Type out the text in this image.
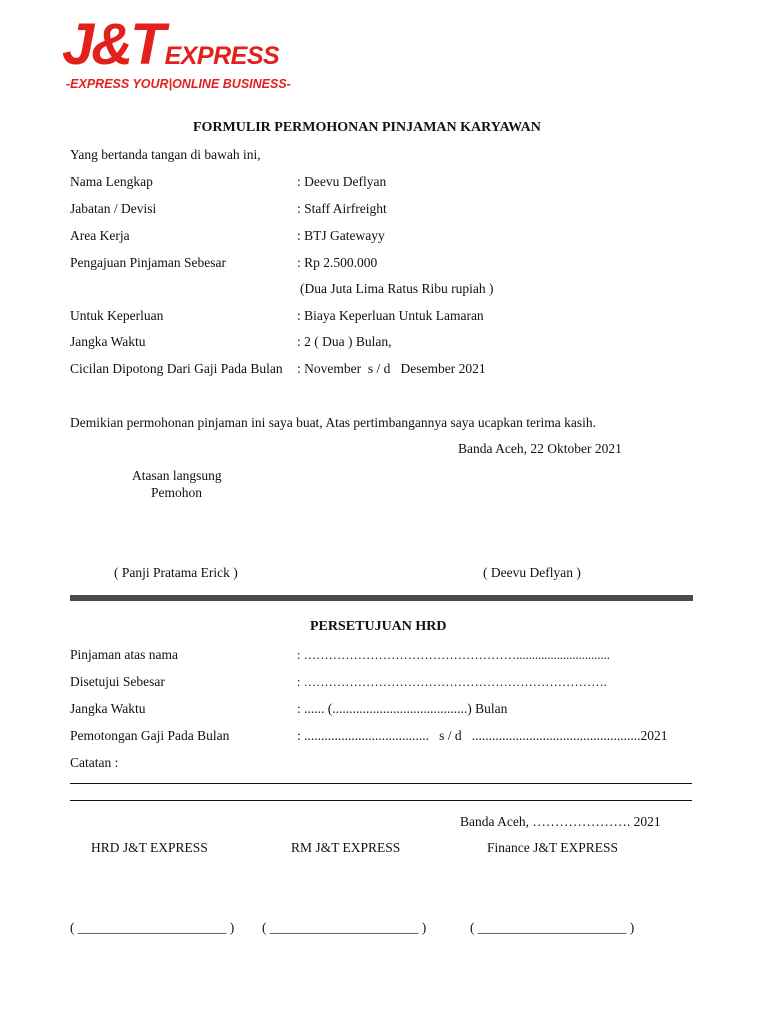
J&TEXPRESS
-EXPRESS YOUR|ONLINE BUSINESS-
FORMULIR PERMOHONAN PINJAMAN KARYAWAN
Yang bertanda tangan di bawah ini,
Nama Lengkap	: Deevu Deflyan
Jabatan / Devisi	: Staff Airfreight
Area Kerja	: BTJ Gatewayy
Pengajuan Pinjaman Sebesar	: Rp 2.500.000
(Dua Juta Lima Ratus Ribu rupiah )
Untuk Keperluan	: Biaya Keperluan Untuk Lamaran
Jangka Waktu	: 2 ( Dua ) Bulan,
Cicilan Dipotong Dari Gaji Pada Bulan : November  s / d   Desember 2021
Demikian permohonan pinjaman ini saya buat, Atas pertimbangannya saya ucapkan terima kasih.
Banda Aceh, 22 Oktober 2021
Atasan langsung
Pemohon
( Panji Pratama Erick )	( Deevu Deflyan )
PERSETUJUAN HRD
Pinjaman atas nama	: ……………………………………………..............................
Disetujui Sebesar	: ……………………………………………………………….
Jangka Waktu	: ...... (........................................) Bulan
Pemotongan Gaji Pada Bulan	: .....................................   s / d   ..................................................2021
Catatan :
Banda Aceh, …………………. 2021
HRD J&T EXPRESS	RM J&T EXPRESS	Finance J&T EXPRESS
( ______________________ ) ( ______________________ )	( ______________________ )
